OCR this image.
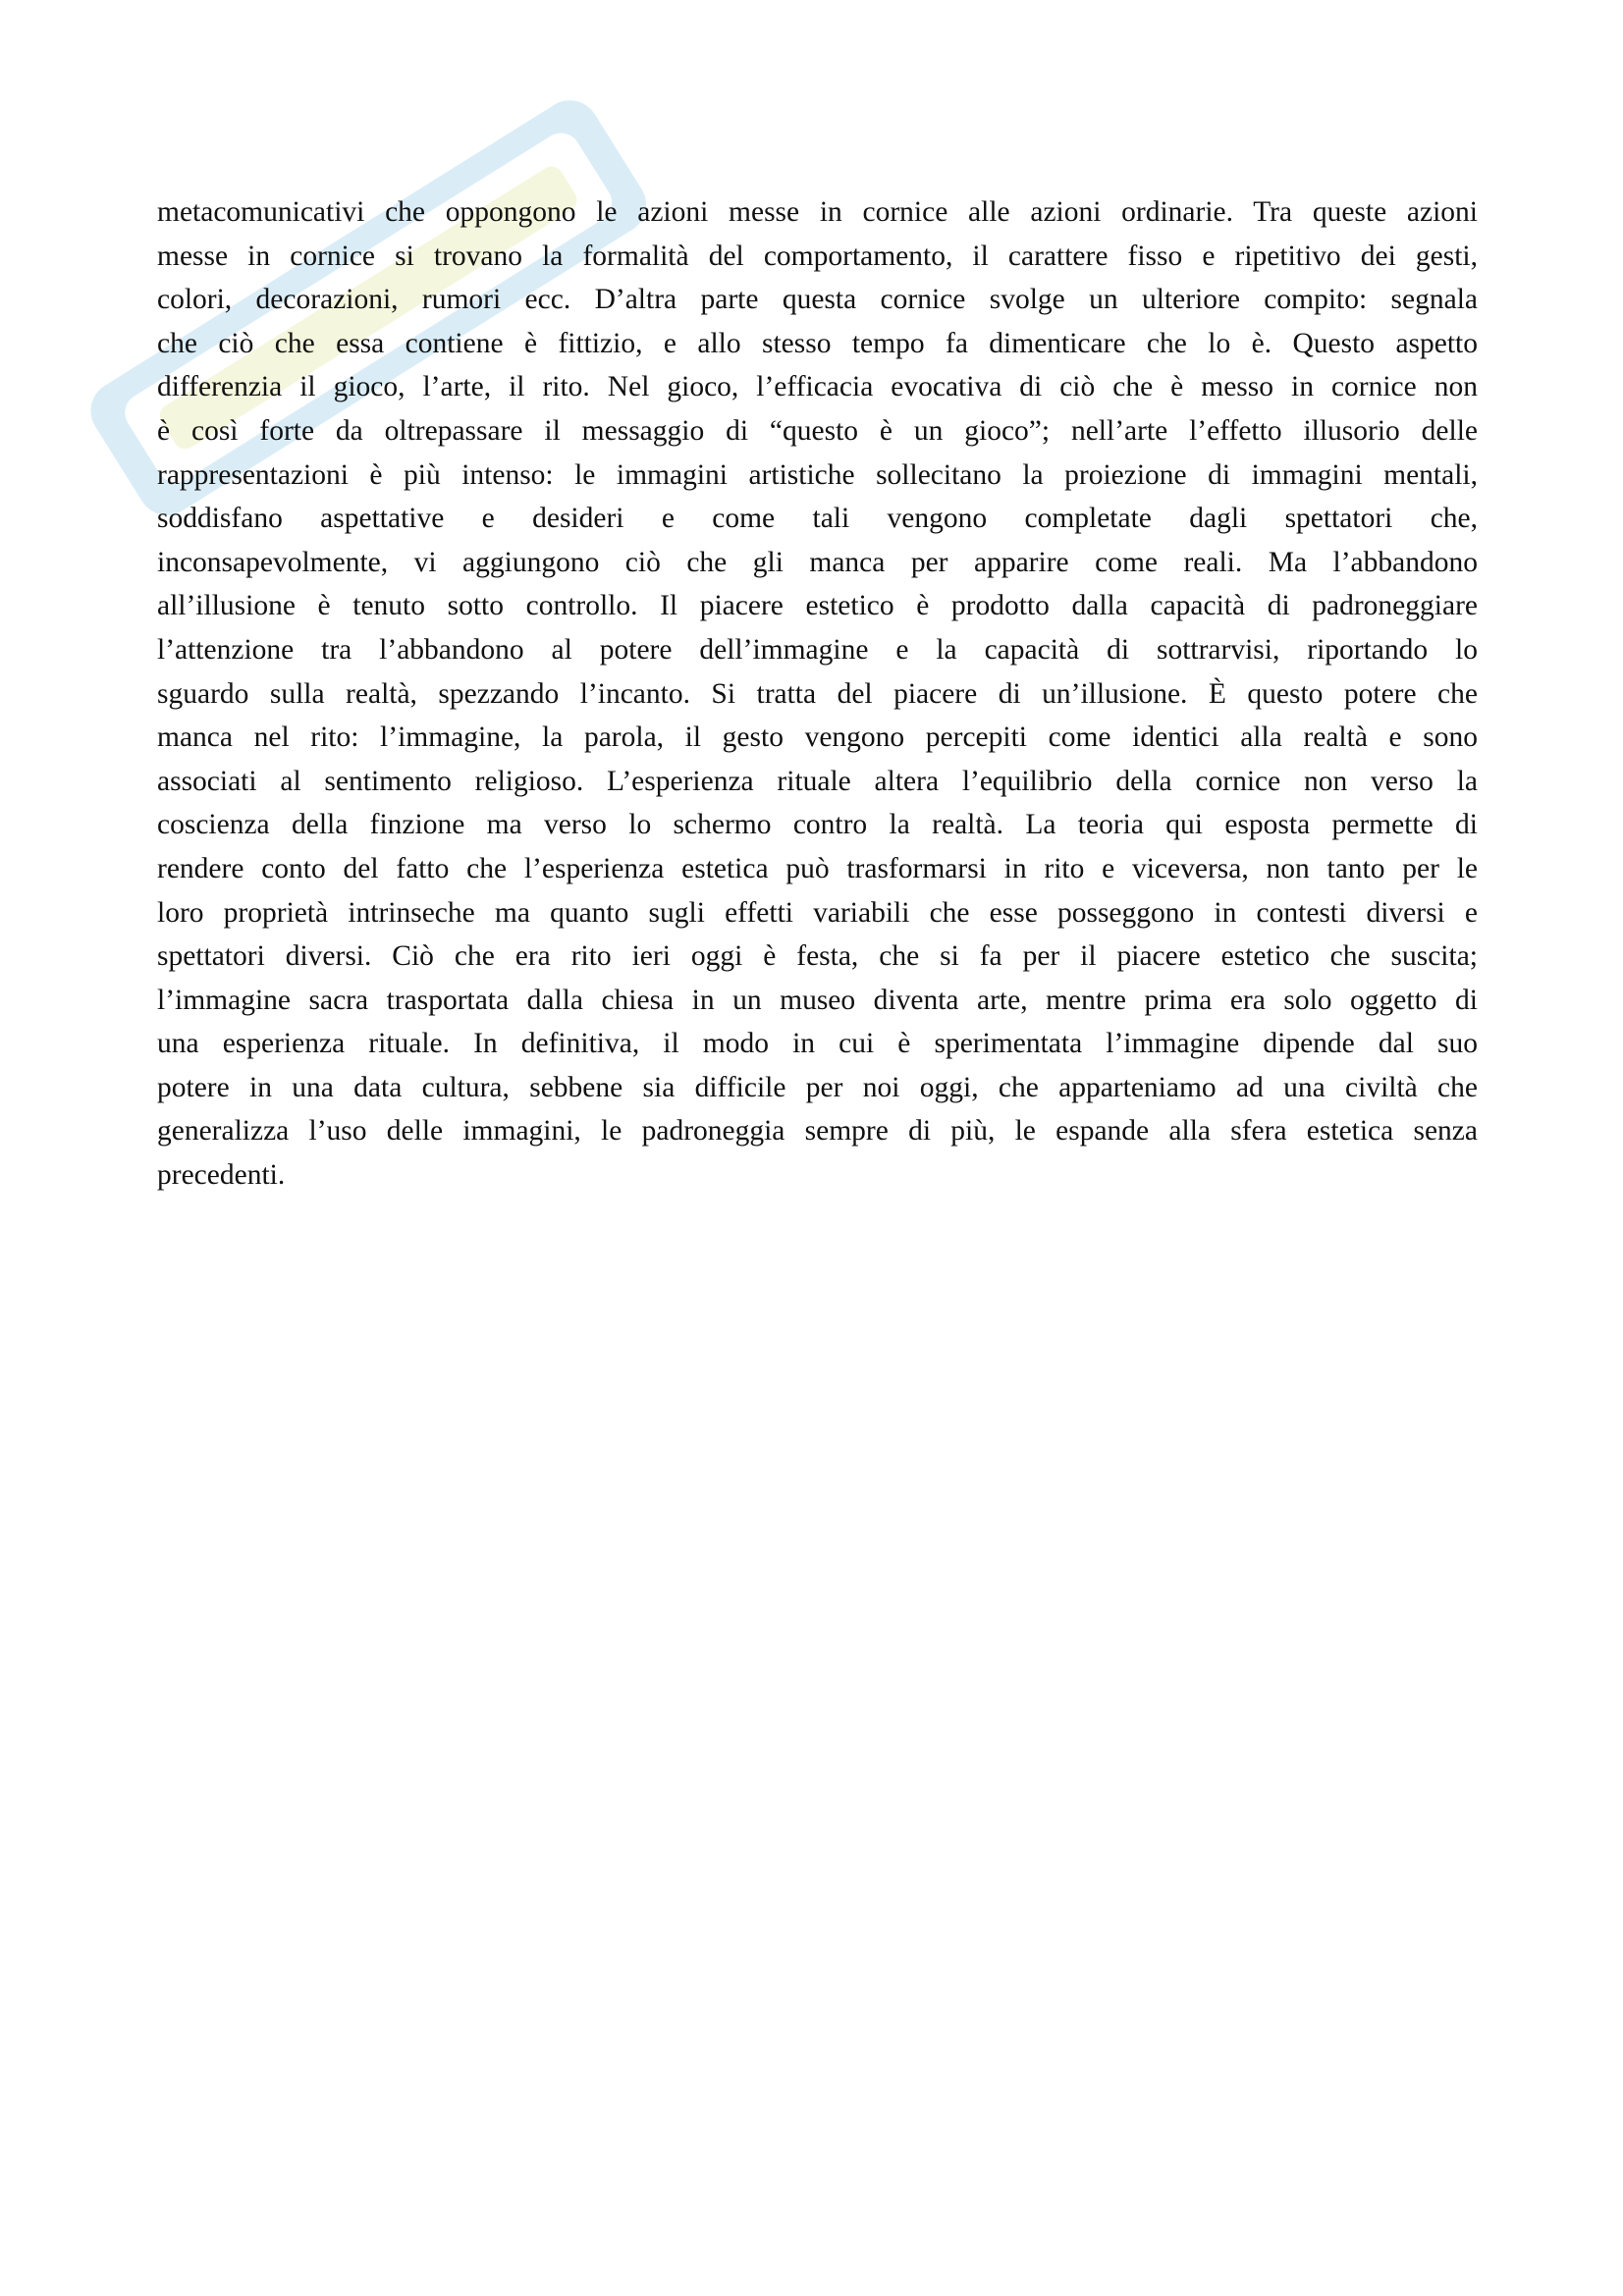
metacomunicativi che oppongono le azioni messe in cornice alle azioni ordinarie. Tra queste azioni
messe in cornice si trovano la formalità del comportamento, il carattere fisso e ripetitivo dei gesti,
colori, decorazioni, rumori ecc. D’altra parte questa cornice svolge un ulteriore compito: segnala
che ciò che essa contiene è fittizio, e allo stesso tempo fa dimenticare che lo è. Questo aspetto
differenzia il gioco, l’arte, il rito. Nel gioco, l’efficacia evocativa di ciò che è messo in cornice non
è così forte da oltrepassare il messaggio di “questo è un gioco”; nell’arte l’effetto illusorio delle
rappresentazioni è più intenso: le immagini artistiche sollecitano la proiezione di immagini mentali,
soddisfano aspettative e desideri e come tali vengono completate dagli spettatori che,
inconsapevolmente, vi aggiungono ciò che gli manca per apparire come reali. Ma l’abbandono
all’illusione è tenuto sotto controllo. Il piacere estetico è prodotto dalla capacità di padroneggiare
l’attenzione tra l’abbandono al potere dell’immagine e la capacità di sottrarvisi, riportando lo
sguardo sulla realtà, spezzando l’incanto. Si tratta del piacere di un’illusione. È questo potere che
manca nel rito: l’immagine, la parola, il gesto vengono percepiti come identici alla realtà e sono
associati al sentimento religioso. L’esperienza rituale altera l’equilibrio della cornice non verso la
coscienza della finzione ma verso lo schermo contro la realtà. La teoria qui esposta permette di
rendere conto del fatto che l’esperienza estetica può trasformarsi in rito e viceversa, non tanto per le
loro proprietà intrinseche ma quanto sugli effetti variabili che esse posseggono in contesti diversi e
spettatori diversi. Ciò che era rito ieri oggi è festa, che si fa per il piacere estetico che suscita;
l’immagine sacra trasportata dalla chiesa in un museo diventa arte, mentre prima era solo oggetto di
una esperienza rituale. In definitiva, il modo in cui è sperimentata l’immagine dipende dal suo
potere in una data cultura, sebbene sia difficile per noi oggi, che apparteniamo ad una civiltà che
generalizza l’uso delle immagini, le padroneggia sempre di più, le espande alla sfera estetica senza
precedenti.
